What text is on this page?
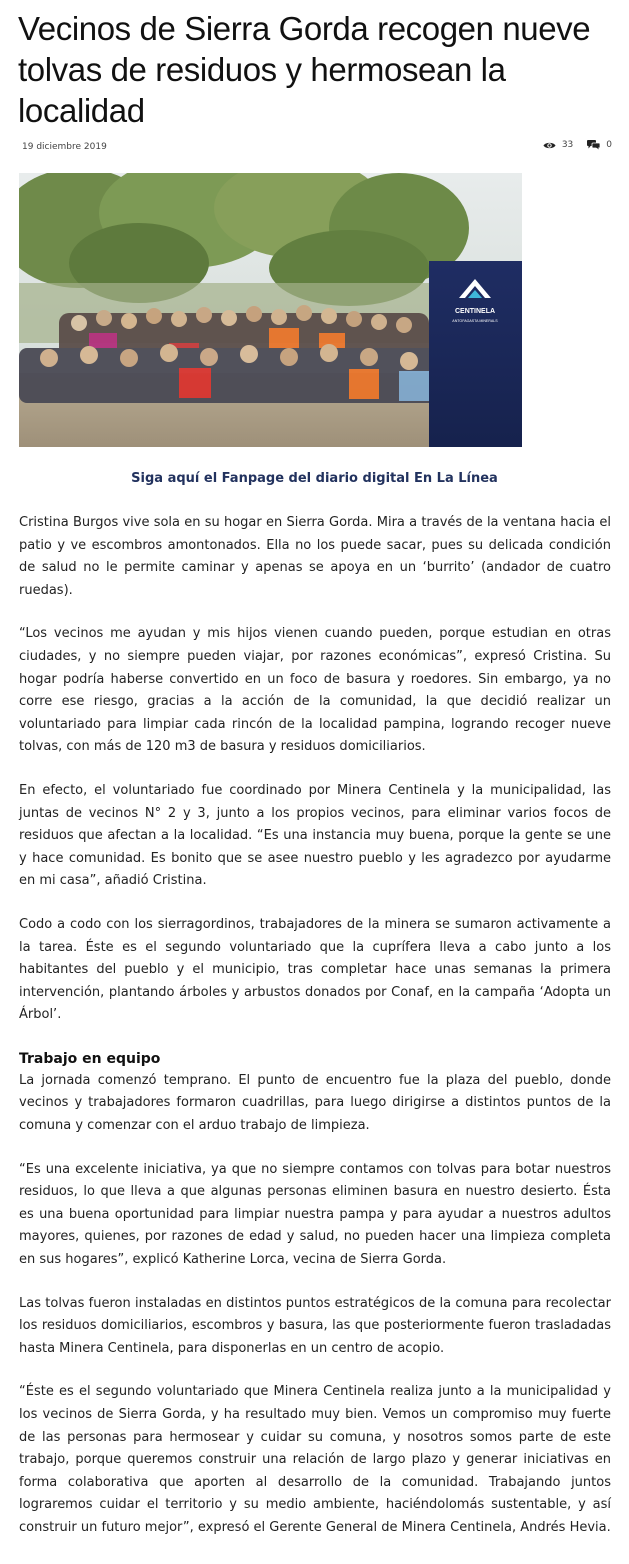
Vecinos de Sierra Gorda recogen nueve tolvas de residuos y hermosean la localidad
19 diciembre 2019	33	0
CENTINELA
ANTOFAGASTA MINERALS

Siga aquí el Fanpage del diario digital En La Línea

Cristina Burgos vive sola en su hogar en Sierra Gorda. Mira a través de la ventana hacia el patio y ve escombros amontonados. Ella no los puede sacar, pues su delicada condición de salud no le permite caminar y apenas se apoya en un ‘burrito’ (andador de cuatro ruedas).

“Los vecinos me ayudan y mis hijos vienen cuando pueden, porque estudian en otras ciudades, y no siempre pueden viajar, por razones económicas”, expresó Cristina. Su hogar podría haberse convertido en un foco de basura y roedores. Sin embargo, ya no corre ese riesgo, gracias a la acción de la comunidad, la que decidió realizar un voluntariado para limpiar cada rincón de la localidad pampina, logrando recoger nueve tolvas, con más de 120 m3 de basura y residuos domiciliarios.

En efecto, el voluntariado fue coordinado por Minera Centinela y la municipalidad, las juntas de vecinos N° 2 y 3, junto a los propios vecinos, para eliminar varios focos de residuos que afectan a la localidad. “Es una instancia muy buena, porque la gente se une y hace comunidad. Es bonito que se asee nuestro pueblo y les agradezco por ayudarme en mi casa”, añadió Cristina.

Codo a codo con los sierragordinos, trabajadores de la minera se sumaron activamente a la tarea. Éste es el segundo voluntariado que la cuprífera lleva a cabo junto a los habitantes del pueblo y el municipio, tras completar hace unas semanas la primera intervención, plantando árboles y arbustos donados por Conaf, en la campaña ‘Adopta un Árbol’.

Trabajo en equipo

La jornada comenzó temprano. El punto de encuentro fue la plaza del pueblo, donde vecinos y trabajadores formaron cuadrillas, para luego dirigirse a distintos puntos de la comuna y comenzar con el arduo trabajo de limpieza.

“Es una excelente iniciativa, ya que no siempre contamos con tolvas para botar nuestros residuos, lo que lleva a que algunas personas eliminen basura en nuestro desierto. Ésta es una buena oportunidad para limpiar nuestra pampa y para ayudar a nuestros adultos mayores, quienes, por razones de edad y salud, no pueden hacer una limpieza completa en sus hogares”, explicó Katherine Lorca, vecina de Sierra Gorda.

Las tolvas fueron instaladas en distintos puntos estratégicos de la comuna para recolectar los residuos domiciliarios, escombros y basura, las que posteriormente fueron trasladadas hasta Minera Centinela, para disponerlas en un centro de acopio.

“Éste es el segundo voluntariado que Minera Centinela realiza junto a la municipalidad y los vecinos de Sierra Gorda, y ha resultado muy bien. Vemos un compromiso muy fuerte de las personas para hermosear y cuidar su comuna, y nosotros somos parte de este trabajo, porque queremos construir una relación de largo plazo y generar iniciativas en forma colaborativa que aporten al desarrollo de la comunidad. Trabajando juntos lograremos cuidar el territorio y su medio ambiente, haciéndolomás sustentable, y así construir un futuro mejor”, expresó el Gerente General de Minera Centinela, Andrés Hevia.
